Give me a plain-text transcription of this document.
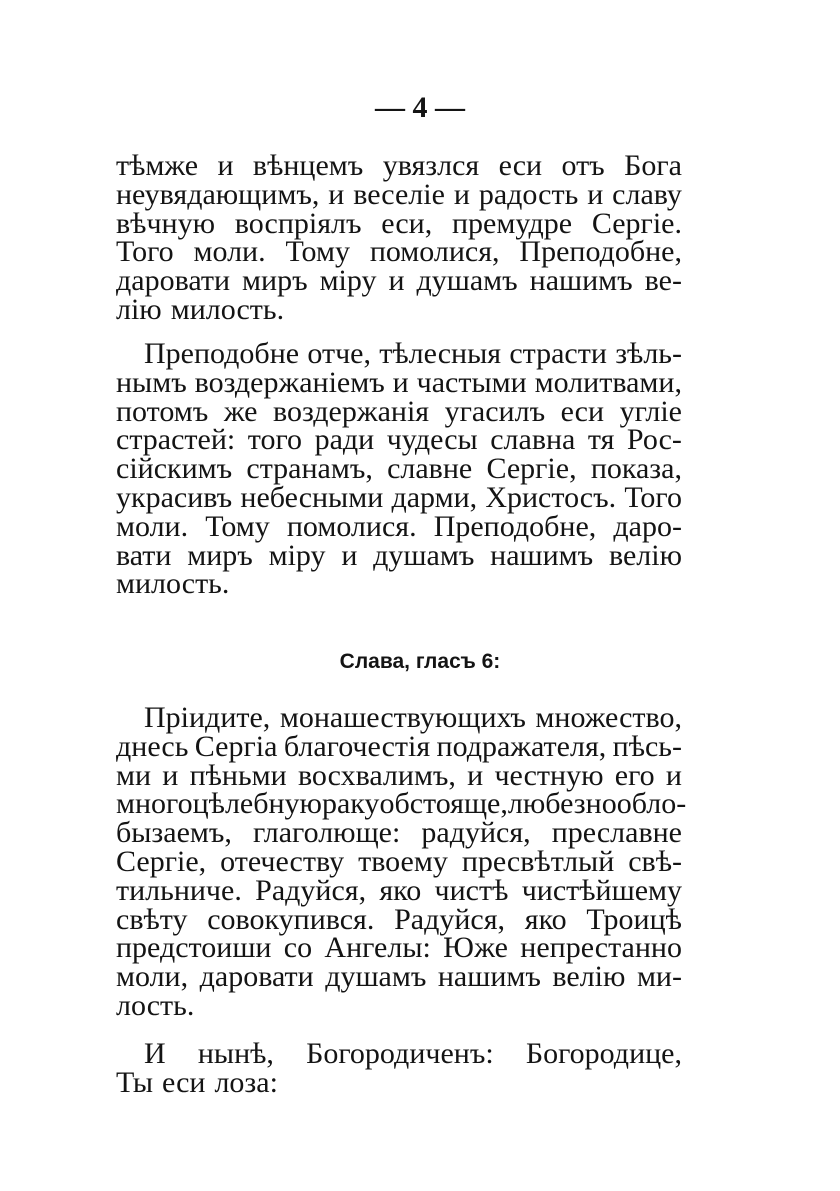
— 4 —
тѣмже и вѣнцемъ увязлся еси отъ Бога
неувядающимъ, и веселіе и радость и славу
вѣчную воспріялъ еси, премудре Сергіе.
Того моли. Тому помолися, Преподобне,
даровати миръ міру и душамъ нашимъ ве-
лію милость.
Преподобне отче, тѣлесныя страсти зѣль-
нымъ воздержаніемъ и частыми молитвами,
потомъ же воздержанія угасилъ еси угліе
страстей: того ради чудесы славна тя Рос-
сійскимъ странамъ, славне Сергіе, показа,
украсивъ небесными дарми, Христосъ. Того
моли. Тому помолися. Преподобне, даро-
вати миръ міру и душамъ нашимъ велію
милость.
Слава, гласъ 6:
Пріидите, монашествующихъ множество,
днесь Сергіа благочестія подражателя, пѣсь-
ми и пѣньми восхвалимъ, и честную его и
многоцѣлебную раку обстояще, любезно обло-
бызаемъ, глаголюще: радуйся, преславне
Сергіе, отечеству твоему пресвѣтлый свѣ-
тильниче. Радуйся, яко чистѣ чистѣйшему
свѣту совокупився. Радуйся, яко Троицѣ
предстоиши со Ангелы: Юже непрестанно
моли, даровати душамъ нашимъ велію ми-
лость.
И нынѣ, Богородиченъ: Богородице,
Ты еси лоза:
